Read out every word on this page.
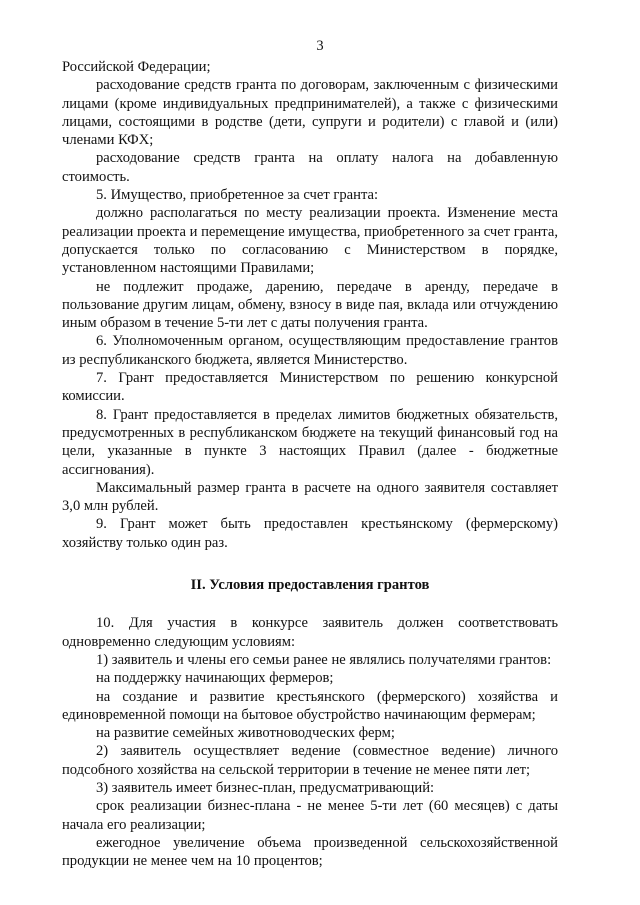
3

Российской Федерации;

расходование средств гранта по договорам, заключенным с физическими лицами (кроме индивидуальных предпринимателей), а также с физическими лицами, состоящими в родстве (дети, супруги и родители) с главой и (или) членами КФХ;

расходование средств гранта на оплату налога на добавленную стоимость.

5. Имущество, приобретенное за счет гранта:

должно располагаться по месту реализации проекта. Изменение места реализации проекта и перемещение имущества, приобретенного за счет гранта, допускается только по согласованию с Министерством в порядке, установленном настоящими Правилами;

не подлежит продаже, дарению, передаче в аренду, передаче в пользование другим лицам, обмену, взносу в виде пая, вклада или отчуждению иным образом в течение 5-ти лет с даты получения гранта.

6. Уполномоченным органом, осуществляющим предоставление грантов из республиканского бюджета, является Министерство.

7. Грант предоставляется Министерством по решению конкурсной комиссии.

8. Грант предоставляется в пределах лимитов бюджетных обязательств, предусмотренных в республиканском бюджете на текущий финансовый год на цели, указанные в пункте 3 настоящих Правил (далее - бюджетные ассигнования).

Максимальный размер гранта в расчете на одного заявителя составляет 3,0 млн рублей.

9. Грант может быть предоставлен крестьянскому (фермерскому) хозяйству только один раз.

II. Условия предоставления грантов

10. Для участия в конкурсе заявитель должен соответствовать одновременно следующим условиям:

1) заявитель и члены его семьи ранее не являлись получателями грантов:

на поддержку начинающих фермеров;

на создание и развитие крестьянского (фермерского) хозяйства и единовременной помощи на бытовое обустройство начинающим фермерам;

на развитие семейных животноводческих ферм;

2) заявитель осуществляет ведение (совместное ведение) личного подсобного хозяйства на сельской территории в течение не менее пяти лет;

3) заявитель имеет бизнес-план, предусматривающий:

срок реализации бизнес-плана - не менее 5-ти лет (60 месяцев) с даты начала его реализации;

ежегодное увеличение объема произведенной сельскохозяйственной продукции не менее чем на 10 процентов;
